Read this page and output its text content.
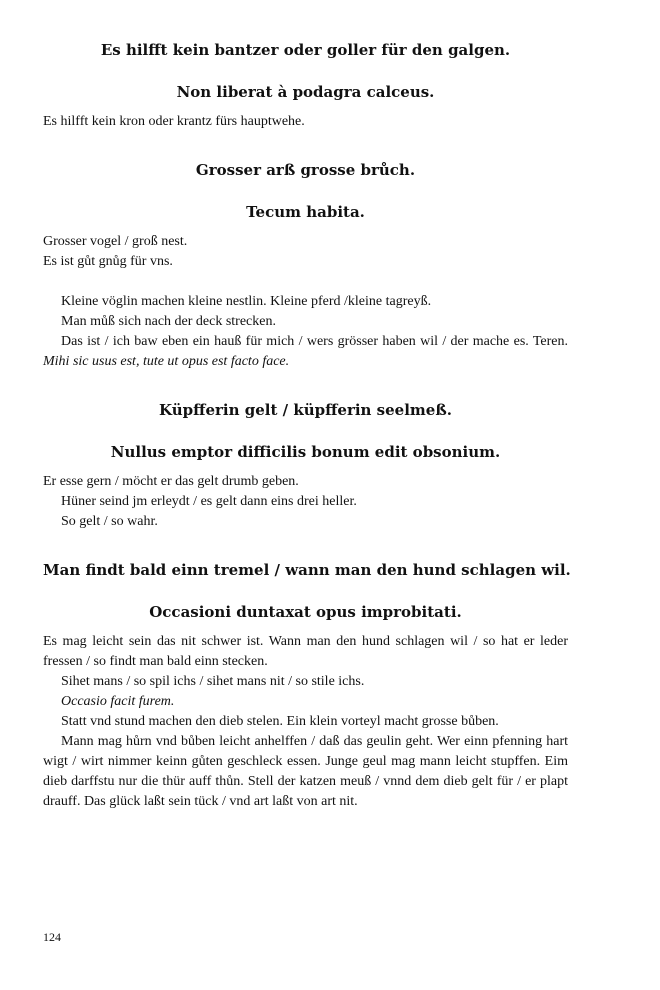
Es hilfft kein bantzer oder goller für den galgen.

Non liberat à podagra calceus.

Es hilfft kein kron oder krantz fürs hauptwehe.

Grosser arß grosse brůch.

Tecum habita.

Grosser vogel / groß nest.

Es ist gůt gnůg für vns.

Kleine vöglin machen kleine nestlin. Kleine pferd /kleine tagreyß.

Man můß sich nach der deck strecken.

Das ist / ich baw eben ein hauß für mich / wers grösser haben wil / der mache es. Teren. Mihi sic usus est, tute ut opus est facto face.

Küpfferin gelt / küpfferin seelmeß.

Nullus emptor difficilis bonum edit obsonium.

Er esse gern / möcht er das gelt drumb geben.

Hüner seind jm erleydt / es gelt dann eins drei heller.

So gelt / so wahr.

Man findt bald einn tremel / wann man den hund schlagen wil.

Occasioni duntaxat opus improbitati.

Es mag leicht sein das nit schwer ist. Wann man den hund schlagen wil / so hat er leder fressen / so findt man bald einn stecken.

Sihet mans / so spil ichs / sihet mans nit / so stile ichs.

Occasio facit furem.

Statt vnd stund machen den dieb stelen. Ein klein vorteyl macht grosse bůben.

Mann mag hůrn vnd bůben leicht anhelffen / daß das geulin geht. Wer einn pfenning hart wigt / wirt nimmer keinn gůten geschleck essen. Junge geul mag mann leicht stupffen. Eim dieb darffstu nur die thür auff thůn. Stell der katzen meuß / vnnd dem dieb gelt für / er plapt drauff. Das glück laßt sein tück / vnd art laßt von art nit.

124
